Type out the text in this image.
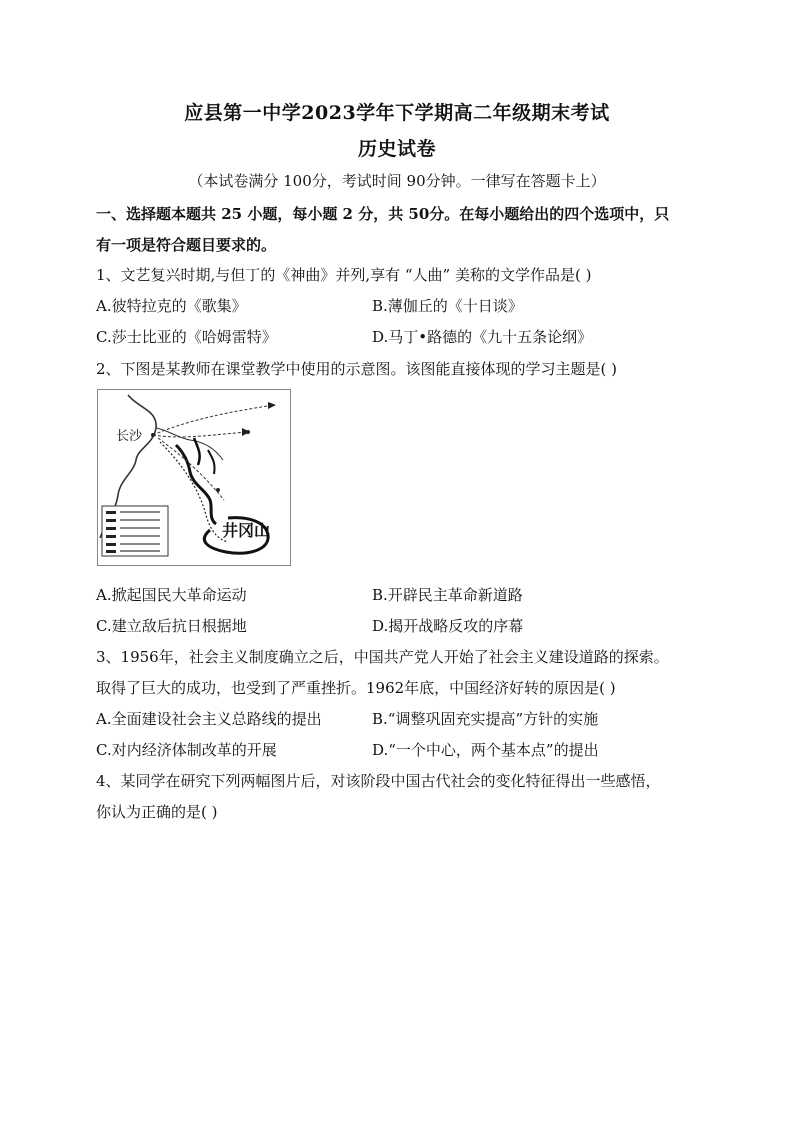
应县第一中学2023学年下学期高二年级期末考试
历史试卷
（本试卷满分 100分，考试时间 90分钟。一律写在答题卡上）
一、选择题本题共 25 小题，每小题 2 分，共 50分。在每小题给出的四个选项中，只
有一项是符合题目要求的。
1、文艺复兴时期,与但丁的《神曲》并列,享有 “人曲” 美称的文学作品是( )
A.彼特拉克的《歌集》	B.薄伽丘的《十日谈》
C.莎士比亚的《哈姆雷特》	D.马丁•路德的《九十五条论纲》
2、下图是某教师在课堂教学中使用的示意图。该图能直接体现的学习主题是( )
长沙
井冈山
A.掀起国民大革命运动	B.开辟民主革命新道路
C.建立敌后抗日根据地	D.揭开战略反攻的序幕
3、1956年，社会主义制度确立之后，中国共产党人开始了社会主义建设道路的探索。
取得了巨大的成功，也受到了严重挫折。1962年底，中国经济好转的原因是( )
A.全面建设社会主义总路线的提出	B.“调整巩固充实提高”方针的实施
C.对内经济体制改革的开展	D.“一个中心，两个基本点”的提出
4、某同学在研究下列两幅图片后，对该阶段中国古代社会的变化特征得出一些感悟，
你认为正确的是( )
